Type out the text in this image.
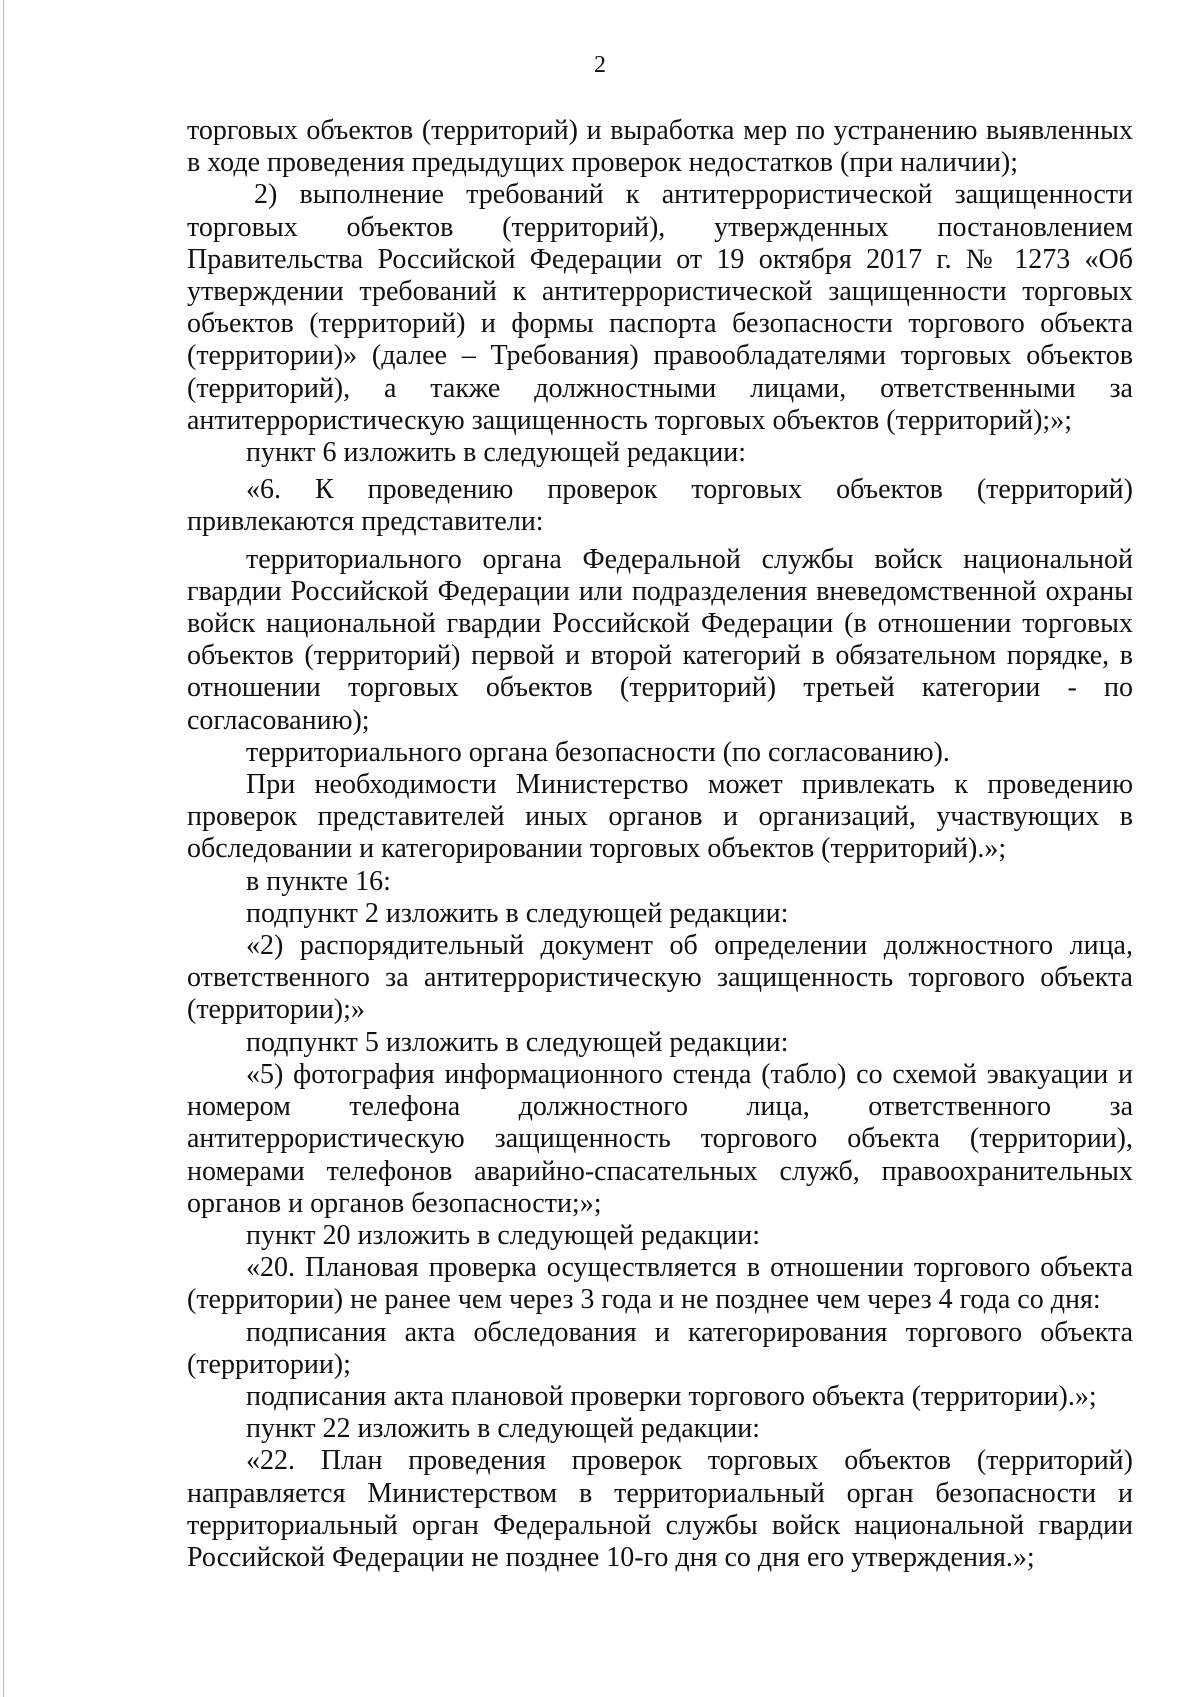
2

торговых объектов (территорий) и выработка мер по устранению выявленных в ходе проведения предыдущих проверок недостатков (при наличии);

2) выполнение требований к антитеррористической защищенности торговых объектов (территорий), утвержденных постановлением Правительства Российской Федерации от 19 октября 2017 г. № 1273 «Об утверждении требований к антитеррористической защищенности торговых объектов (территорий) и формы паспорта безопасности торгового объекта (территории)» (далее – Требования) правообладателями торговых объектов (территорий), а также должностными лицами, ответственными за антитеррористическую защищенность торговых объектов (территорий);»;

пункт 6 изложить в следующей редакции:

«6. К проведению проверок торговых объектов (территорий) привлекаются представители:

территориального органа Федеральной службы войск национальной гвардии Российской Федерации или подразделения вневедомственной охраны войск национальной гвардии Российской Федерации (в отношении торговых объектов (территорий) первой и второй категорий в обязательном порядке, в отношении торговых объектов (территорий) третьей категории - по согласованию);

территориального органа безопасности (по согласованию).

При необходимости Министерство может привлекать к проведению проверок представителей иных органов и организаций, участвующих в обследовании и категорировании торговых объектов (территорий).»;

в пункте 16:

подпункт 2 изложить в следующей редакции:

«2) распорядительный документ об определении должностного лица, ответственного за антитеррористическую защищенность торгового объекта (территории);»

подпункт 5 изложить в следующей редакции:

«5) фотография информационного стенда (табло) со схемой эвакуации и номером телефона должностного лица, ответственного за антитеррористическую защищенность торгового объекта (территории), номерами телефонов аварийно-спасательных служб, правоохранительных органов и органов безопасности;»;

пункт 20 изложить в следующей редакции:

«20. Плановая проверка осуществляется в отношении торгового объекта (территории) не ранее чем через 3 года и не позднее чем через 4 года со дня:

подписания акта обследования и категорирования торгового объекта (территории);

подписания акта плановой проверки торгового объекта (территории).»;

пункт 22 изложить в следующей редакции:

«22. План проведения проверок торговых объектов (территорий) направляется Министерством в территориальный орган безопасности и территориальный орган Федеральной службы войск национальной гвардии Российской Федерации не позднее 10-го дня со дня его утверждения.»;
